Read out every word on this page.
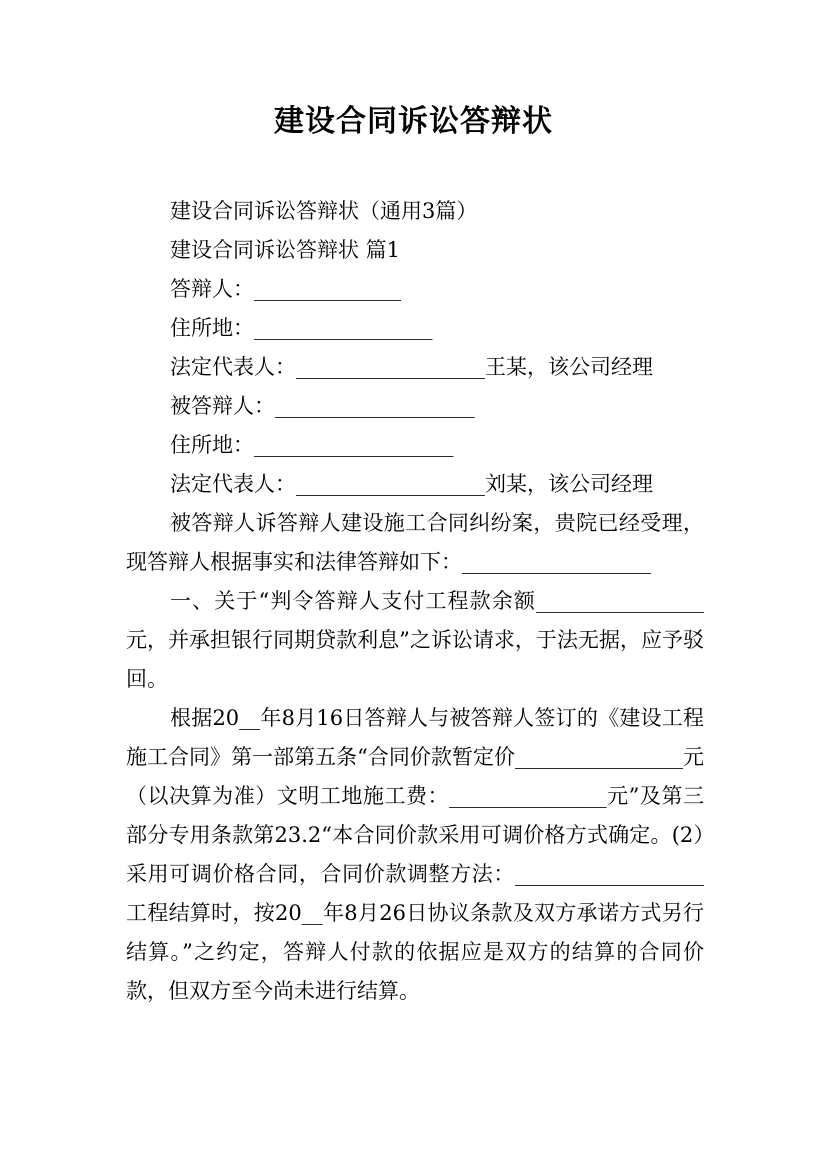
建设合同诉讼答辩状
建设合同诉讼答辩状（通用3篇）
建设合同诉讼答辩状 篇1
答辩人：______________
住所地：_________________
法定代表人：__________________王某，该公司经理
被答辩人：___________________
住所地：___________________
法定代表人：__________________刘某，该公司经理
被答辩人诉答辩人建设施工合同纠纷案，贵院已经受理，现答辩人根据事实和法律答辩如下：__________________
一、关于“判令答辩人支付工程款余额________________元，并承担银行同期贷款利息”之诉讼请求，于法无据，应予驳回。
根据20__年8月16日答辩人与被答辩人签订的《建设工程施工合同》第一部第五条“合同价款暂定价________________元（以决算为准）文明工地施工费：_______________元”及第三部分专用条款第23.2“本合同价款采用可调价格方式确定。(2）采用可调价格合同，合同价款调整方法：__________________工程结算时，按20__年8月26日协议条款及双方承诺方式另行结算。”之约定，答辩人付款的依据应是双方的结算的合同价款，但双方至今尚未进行结算。
